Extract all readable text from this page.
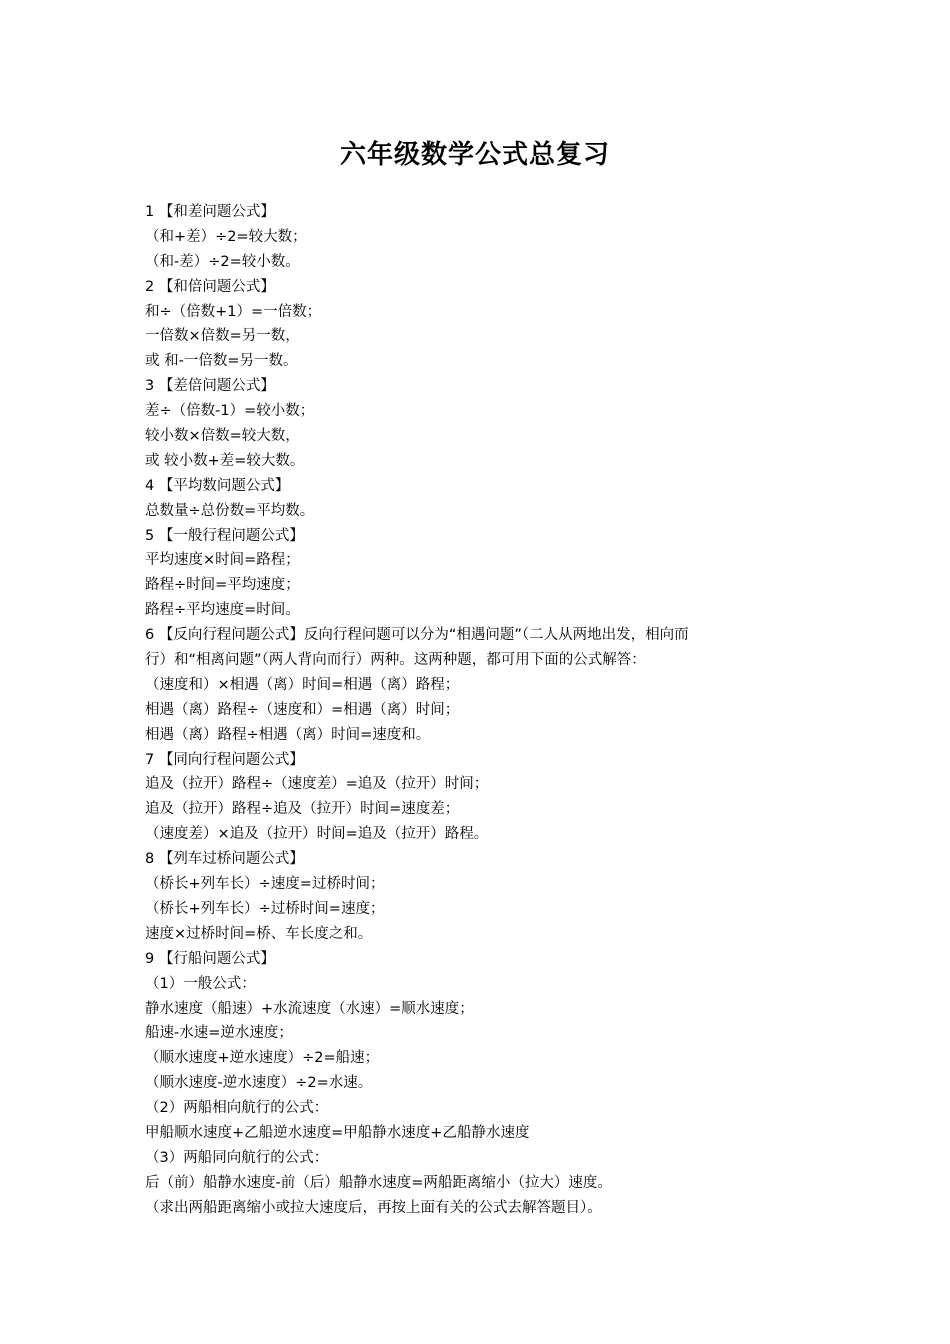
六年级数学公式总复习
1 【和差问题公式】
（和+差）÷2=较大数；
（和-差）÷2=较小数。
2 【和倍问题公式】
和÷（倍数+1）=一倍数；
一倍数×倍数=另一数，
或 和-一倍数=另一数。
3 【差倍问题公式】
差÷（倍数-1）=较小数；
较小数×倍数=较大数，
或 较小数+差=较大数。
4 【平均数问题公式】
总数量÷总份数=平均数。
5 【一般行程问题公式】
平均速度×时间=路程；
路程÷时间=平均速度；
路程÷平均速度=时间。
6 【反向行程问题公式】反向行程问题可以分为“相遇问题”（二人从两地出发，相向而
行）和“相离问题”（两人背向而行）两种。这两种题，都可用下面的公式解答：
（速度和）×相遇（离）时间=相遇（离）路程；
相遇（离）路程÷（速度和）=相遇（离）时间；
相遇（离）路程÷相遇（离）时间=速度和。
7 【同向行程问题公式】
追及（拉开）路程÷（速度差）=追及（拉开）时间；
追及（拉开）路程÷追及（拉开）时间=速度差；
（速度差）×追及（拉开）时间=追及（拉开）路程。
8 【列车过桥问题公式】
（桥长+列车长）÷速度=过桥时间；
（桥长+列车长）÷过桥时间=速度；
速度×过桥时间=桥、车长度之和。
9 【行船问题公式】
（1）一般公式：
静水速度（船速）+水流速度（水速）=顺水速度；
船速-水速=逆水速度；
（顺水速度+逆水速度）÷2=船速；
（顺水速度-逆水速度）÷2=水速。
（2）两船相向航行的公式：
甲船顺水速度+乙船逆水速度=甲船静水速度+乙船静水速度
（3）两船同向航行的公式：
后（前）船静水速度-前（后）船静水速度=两船距离缩小（拉大）速度。
（求出两船距离缩小或拉大速度后，再按上面有关的公式去解答题目）。
